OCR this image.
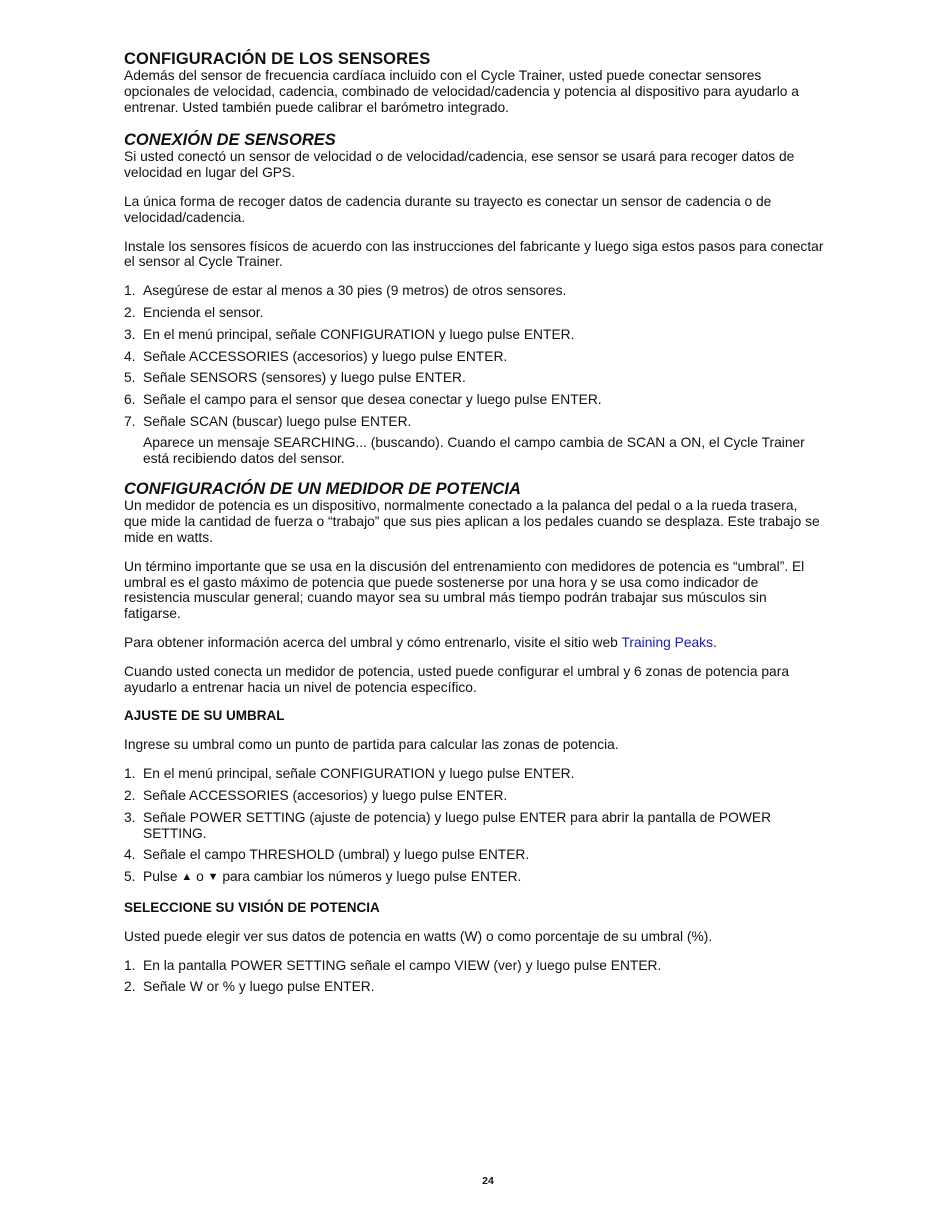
CONFIGURACIÓN DE LOS SENSORES

Además del sensor de frecuencia cardíaca incluido con el Cycle Trainer, usted puede conectar sensores opcionales de velocidad, cadencia, combinado de velocidad/cadencia y potencia al dispositivo para ayudarlo a entrenar. Usted también puede calibrar el barómetro integrado.

CONEXIÓN DE SENSORES

Si usted conectó un sensor de velocidad o de velocidad/cadencia, ese sensor se usará para recoger datos de velocidad en lugar del GPS.

La única forma de recoger datos de cadencia durante su trayecto es conectar un sensor de cadencia o de velocidad/cadencia.

Instale los sensores físicos de acuerdo con las instrucciones del fabricante y luego siga estos pasos para conectar el sensor al Cycle Trainer.

1. Asegúrese de estar al menos a 30 pies (9 metros) de otros sensores.
2. Encienda el sensor.
3. En el menú principal, señale CONFIGURATION y luego pulse ENTER.
4. Señale ACCESSORIES (accesorios) y luego pulse ENTER.
5. Señale SENSORS (sensores) y luego pulse ENTER.
6. Señale el campo para el sensor que desea conectar y luego pulse ENTER.
7. Señale SCAN (buscar) luego pulse ENTER.

Aparece un mensaje SEARCHING... (buscando). Cuando el campo cambia de SCAN a ON, el Cycle Trainer está recibiendo datos del sensor.

CONFIGURACIÓN DE UN MEDIDOR DE POTENCIA

Un medidor de potencia es un dispositivo, normalmente conectado a la palanca del pedal o a la rueda trasera, que mide la cantidad de fuerza o “trabajo” que sus pies aplican a los pedales cuando se desplaza. Este trabajo se mide en watts.

Un término importante que se usa en la discusión del entrenamiento con medidores de potencia es “umbral”. El umbral es el gasto máximo de potencia que puede sostenerse por una hora y se usa como indicador de resistencia muscular general; cuando mayor sea su umbral más tiempo podrán trabajar sus músculos sin fatigarse.

Para obtener información acerca del umbral y cómo entrenarlo, visite el sitio web Training Peaks.

Cuando usted conecta un medidor de potencia, usted puede configurar el umbral y 6 zonas de potencia para ayudarlo a entrenar hacia un nivel de potencia específico.

AJUSTE DE SU UMBRAL

Ingrese su umbral como un punto de partida para calcular las zonas de potencia.

1. En el menú principal, señale CONFIGURATION y luego pulse ENTER.
2. Señale ACCESSORIES (accesorios) y luego pulse ENTER.
3. Señale POWER SETTING (ajuste de potencia) y luego pulse ENTER para abrir la pantalla de POWER SETTING.
4. Señale el campo THRESHOLD (umbral) y luego pulse ENTER.
5. Pulse ▲ o ▼ para cambiar los números y luego pulse ENTER.
SELECCIONE SU VISIÓN DE POTENCIA

Usted puede elegir ver sus datos de potencia en watts (W) o como porcentaje de su umbral (%).

1. En la pantalla POWER SETTING señale el campo VIEW (ver) y luego pulse ENTER.
2. Señale W or % y luego pulse ENTER.
24
